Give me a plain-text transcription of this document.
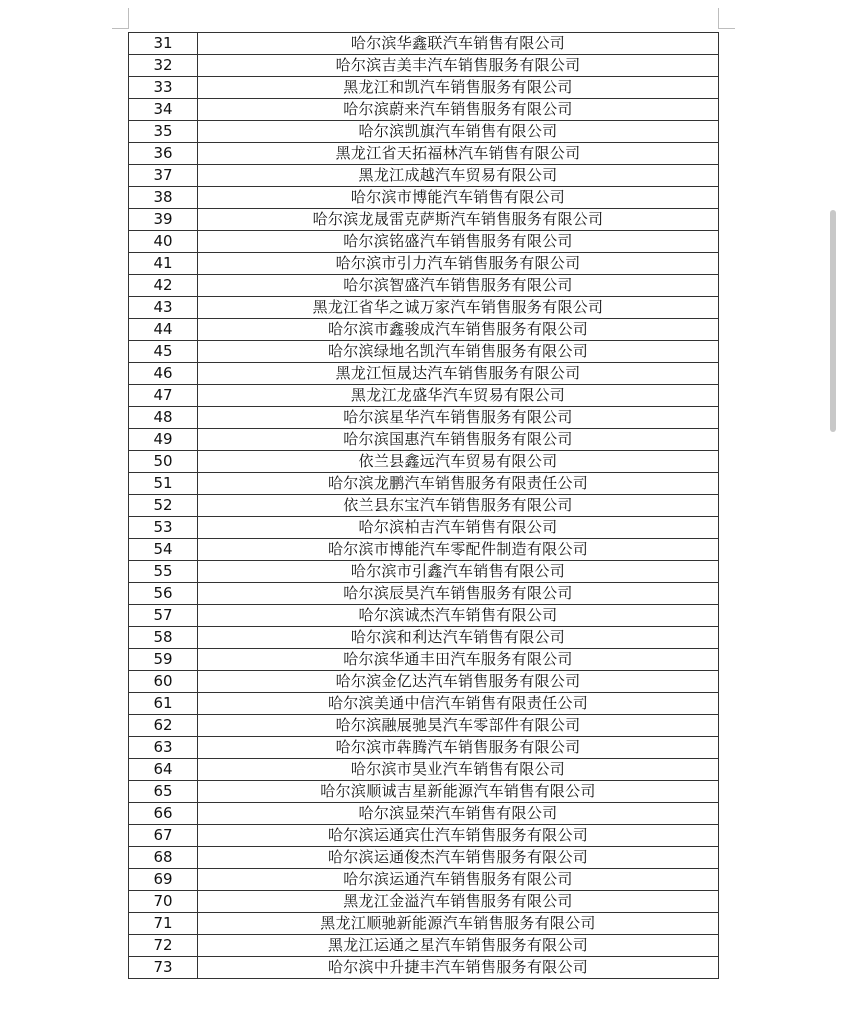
31	哈尔滨华鑫联汽车销售有限公司
32	哈尔滨吉美丰汽车销售服务有限公司
33	黑龙江和凯汽车销售服务有限公司
34	哈尔滨蔚来汽车销售服务有限公司
35	哈尔滨凯旗汽车销售有限公司
36	黑龙江省天拓福林汽车销售有限公司
37	黑龙江成越汽车贸易有限公司
38	哈尔滨市博能汽车销售有限公司
39	哈尔滨龙晟雷克萨斯汽车销售服务有限公司
40	哈尔滨铭盛汽车销售服务有限公司
41	哈尔滨市引力汽车销售服务有限公司
42	哈尔滨智盛汽车销售服务有限公司
43	黑龙江省华之诚万家汽车销售服务有限公司
44	哈尔滨市鑫骏成汽车销售服务有限公司
45	哈尔滨绿地名凯汽车销售服务有限公司
46	黑龙江恒晟达汽车销售服务有限公司
47	黑龙江龙盛华汽车贸易有限公司
48	哈尔滨星华汽车销售服务有限公司
49	哈尔滨国惠汽车销售服务有限公司
50	依兰县鑫远汽车贸易有限公司
51	哈尔滨龙鹏汽车销售服务有限责任公司
52	依兰县东宝汽车销售服务有限公司
53	哈尔滨柏吉汽车销售有限公司
54	哈尔滨市博能汽车零配件制造有限公司
55	哈尔滨市引鑫汽车销售有限公司
56	哈尔滨辰昊汽车销售服务有限公司
57	哈尔滨诚杰汽车销售有限公司
58	哈尔滨和利达汽车销售有限公司
59	哈尔滨华通丰田汽车服务有限公司
60	哈尔滨金亿达汽车销售服务有限公司
61	哈尔滨美通中信汽车销售有限责任公司
62	哈尔滨融展驰昊汽车零部件有限公司
63	哈尔滨市犇腾汽车销售服务有限公司
64	哈尔滨市昊业汽车销售有限公司
65	哈尔滨顺诚吉星新能源汽车销售有限公司
66	哈尔滨显荣汽车销售有限公司
67	哈尔滨运通宾仕汽车销售服务有限公司
68	哈尔滨运通俊杰汽车销售服务有限公司
69	哈尔滨运通汽车销售服务有限公司
70	黑龙江金溢汽车销售服务有限公司
71	黑龙江顺驰新能源汽车销售服务有限公司
72	黑龙江运通之星汽车销售服务有限公司
73	哈尔滨中升捷丰汽车销售服务有限公司
